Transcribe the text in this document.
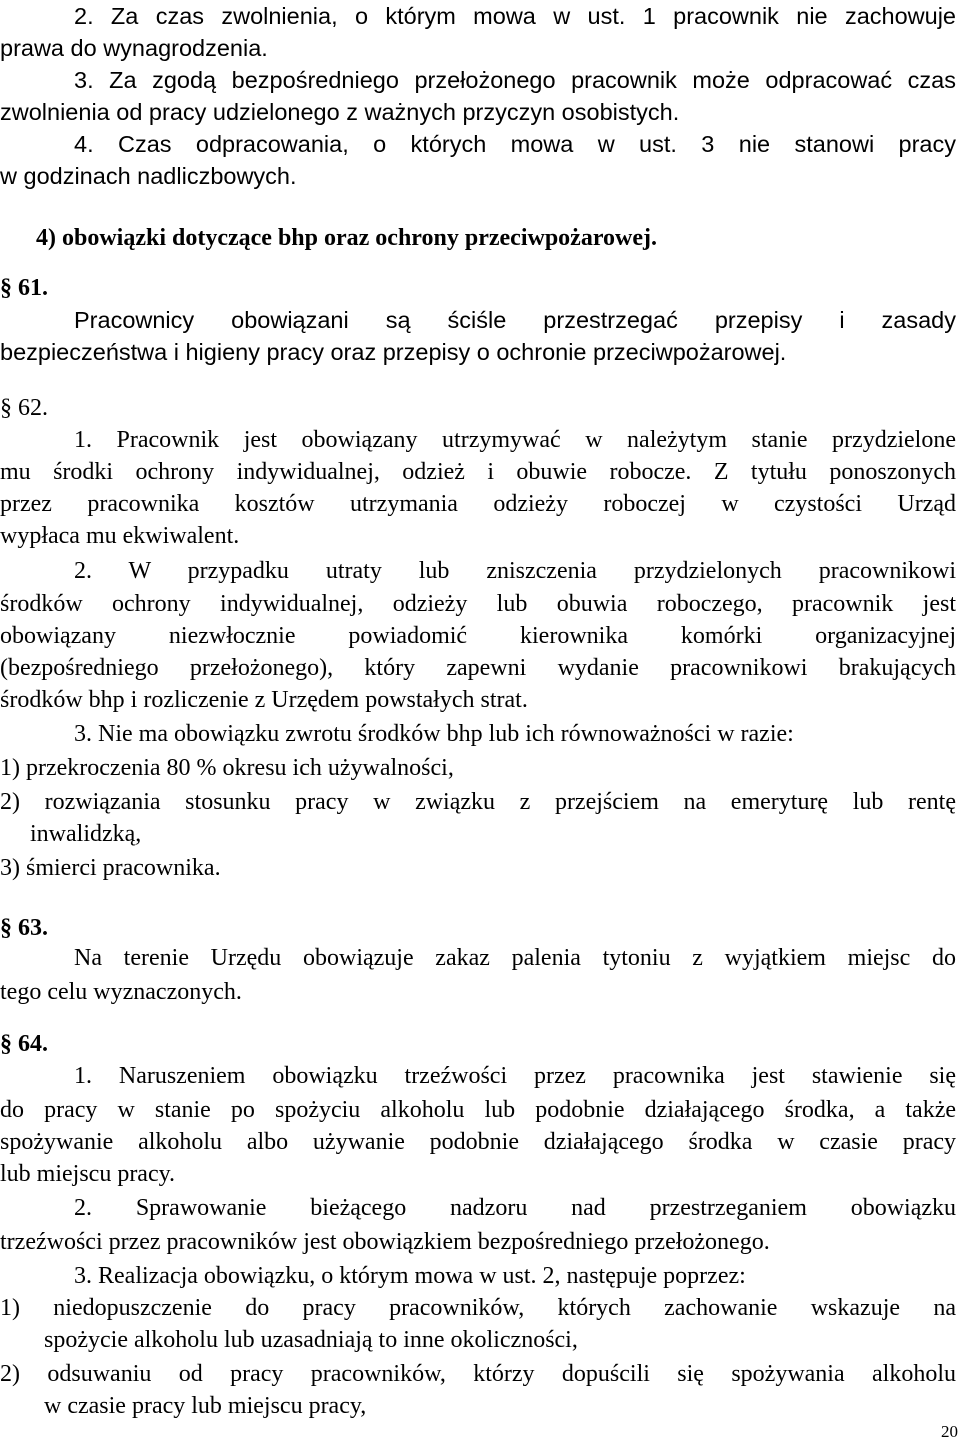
2. Za czas zwolnienia, o którym mowa w ust. 1 pracownik nie zachowuje
prawa do wynagrodzenia.
3. Za zgodą bezpośredniego przełożonego pracownik może odpracować czas
zwolnienia od pracy udzielonego z ważnych przyczyn osobistych.
4. Czas odpracowania, o których mowa w ust. 3 nie stanowi pracy
w godzinach nadliczbowych.
4) obowiązki dotyczące bhp oraz ochrony przeciwpożarowej.
§ 61.
Pracownicy obowiązani są ściśle przestrzegać przepisy i zasady
bezpieczeństwa i higieny pracy oraz przepisy o ochronie przeciwpożarowej.
§ 62.
1. Pracownik jest obowiązany utrzymywać w należytym stanie przydzielone
mu środki ochrony indywidualnej, odzież i obuwie robocze. Z tytułu ponoszonych
przez pracownika kosztów utrzymania odzieży roboczej w czystości Urząd
wypłaca mu ekwiwalent.
2. W przypadku utraty lub zniszczenia przydzielonych pracownikowi
środków ochrony indywidualnej, odzieży lub obuwia roboczego, pracownik jest
obowiązany niezwłocznie powiadomić kierownika komórki organizacyjnej
(bezpośredniego przełożonego), który zapewni wydanie pracownikowi brakujących
środków bhp i rozliczenie z Urzędem powstałych strat.
3. Nie ma obowiązku zwrotu środków bhp lub ich równoważności w razie:
1) przekroczenia 80 % okresu ich używalności,
2) rozwiązania stosunku pracy w związku z przejściem na emeryturę lub rentę
inwalidzką,
3) śmierci pracownika.
§ 63.
Na terenie Urzędu obowiązuje zakaz palenia tytoniu z wyjątkiem miejsc do
tego celu wyznaczonych.
§ 64.
1. Naruszeniem obowiązku trzeźwości przez pracownika jest stawienie się
do pracy w stanie po spożyciu alkoholu lub podobnie działającego środka, a także
spożywanie alkoholu albo używanie podobnie działającego środka w czasie pracy
lub miejscu pracy.
2. Sprawowanie bieżącego nadzoru nad przestrzeganiem obowiązku
trzeźwości przez pracowników jest obowiązkiem bezpośredniego przełożonego.
3. Realizacja obowiązku, o którym mowa w ust. 2, następuje poprzez:
1) niedopuszczenie do pracy pracowników, których zachowanie wskazuje na
spożycie alkoholu lub uzasadniają to inne okoliczności,
2) odsuwaniu od pracy pracowników, którzy dopuścili się spożywania alkoholu
w czasie pracy lub miejscu pracy,
20
